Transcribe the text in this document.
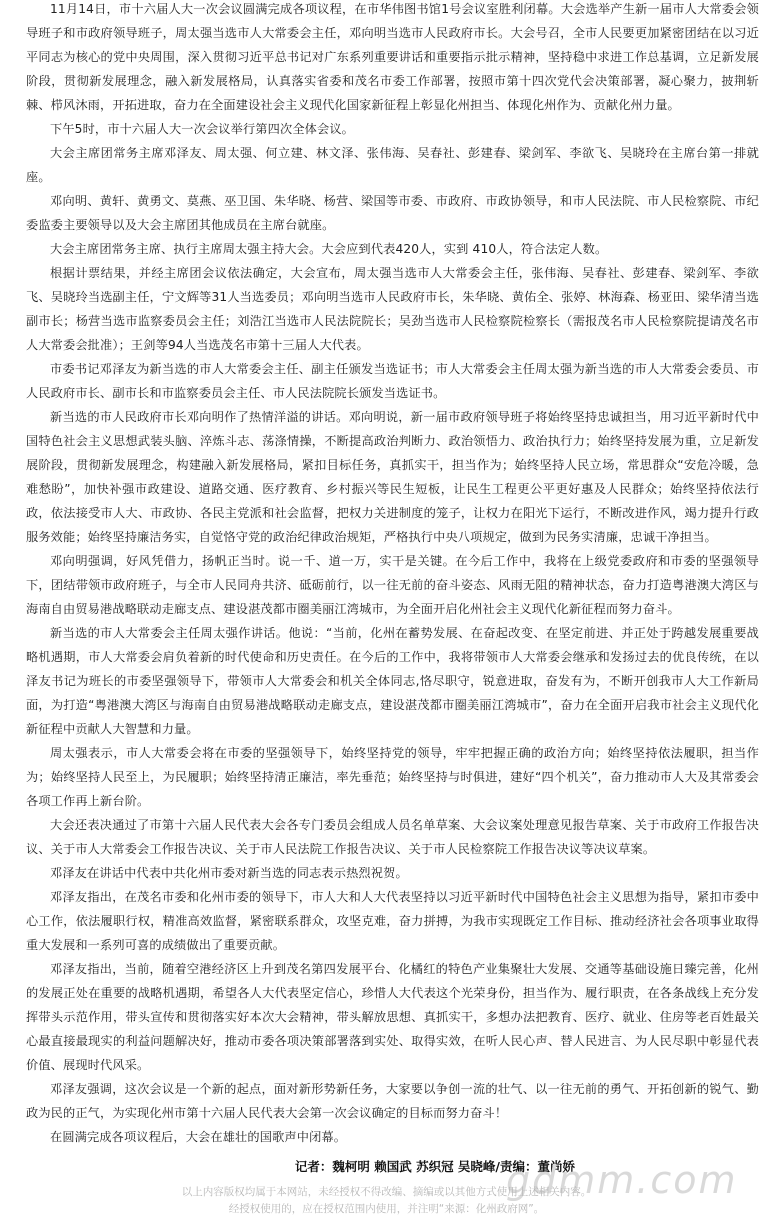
11月14日，市十六届人大一次会议圆满完成各项议程，在市华伟图书馆1号会议室胜利闭幕。大会选举产生新一届市人大常委会领导班子和市政府领导班子，周太强当选市人大常委会主任，邓向明当选市人民政府市长。大会号召，全市人民要更加紧密团结在以习近平同志为核心的党中央周围，深入贯彻习近平总书记对广东系列重要讲话和重要指示批示精神，坚持稳中求进工作总基调，立足新发展阶段，贯彻新发展理念，融入新发展格局，认真落实省委和茂名市委工作部署，按照市第十四次党代会决策部署，凝心聚力，披荆斩棘、栉风沐雨，开拓进取，奋力在全面建设社会主义现代化国家新征程上彰显化州担当、体现化州作为、贡献化州力量。

下午5时，市十六届人大一次会议举行第四次全体会议。

大会主席团常务主席邓泽友、周太强、何立建、林文泽、张伟海、吴春社、彭建春、梁剑军、李欲飞、吴晓玲在主席台第一排就座。

邓向明、黄轩、黄勇文、莫燕、巫卫国、朱华晓、杨营、梁国等市委、市政府、市政协领导，和市人民法院、市人民检察院、市纪委监委主要领导以及大会主席团其他成员在主席台就座。

大会主席团常务主席、执行主席周太强主持大会。大会应到代表420人，实到 410人，符合法定人数。

根据计票结果，并经主席团会议依法确定，大会宣布，周太强当选市人大常委会主任，张伟海、吴春社、彭建春、梁剑军、李欲飞、吴晓玲当选副主任，宁文辉等31人当选委员；邓向明当选市人民政府市长，朱华晓、黄佑全、张婷、林海森、杨亚田、梁华清当选副市长；杨营当选市监察委员会主任；刘浩江当选市人民法院院长；吴劲当选市人民检察院检察长（需报茂名市人民检察院提请茂名市人大常委会批准）；王剑等94人当选茂名市第十三届人大代表。

市委书记邓泽友为新当选的市人大常委会主任、副主任颁发当选证书；市人大常委会主任周太强为新当选的市人大常委会委员、市人民政府市长、副市长和市监察委员会主任、市人民法院院长颁发当选证书。

新当选的市人民政府市长邓向明作了热情洋溢的讲话。邓向明说，新一届市政府领导班子将始终坚持忠诚担当，用习近平新时代中国特色社会主义思想武装头脑、淬炼斗志、荡涤情操，不断提高政治判断力、政治领悟力、政治执行力；始终坚持发展为重，立足新发展阶段，贯彻新发展理念，构建融入新发展格局，紧扣目标任务，真抓实干，担当作为；始终坚持人民立场，常思群众“安危冷暖，急难愁盼”，加快补强市政建设、道路交通、医疗教育、乡村振兴等民生短板，让民生工程更公平更好惠及人民群众；始终坚持依法行政，依法接受市人大、市政协、各民主党派和社会监督，把权力关进制度的笼子，让权力在阳光下运行，不断改进作风，竭力提升行政服务效能；始终坚持廉洁务实，自觉恪守党的政治纪律政治规矩，严格执行中央八项规定，做到为民务实清廉，忠诚干净担当。

邓向明强调，好风凭借力，扬帆正当时。说一千、道一万，实干是关键。在今后工作中，我将在上级党委政府和市委的坚强领导下，团结带领市政府班子，与全市人民同舟共济、砥砺前行，以一往无前的奋斗姿态、风雨无阻的精神状态，奋力打造粤港澳大湾区与海南自由贸易港战略联动走廊支点、建设湛茂都市圈美丽江湾城市，为全面开启化州社会主义现代化新征程而努力奋斗。

新当选的市人大常委会主任周太强作讲话。他说：“当前，化州在蓄势发展、在奋起改变、在坚定前进、并正处于跨越发展重要战略机遇期，市人大常委会肩负着新的时代使命和历史责任。在今后的工作中，我将带领市人大常委会继承和发扬过去的优良传统，在以泽友书记为班长的市委坚强领导下，带领市人大常委会和机关全体同志,恪尽职守，锐意进取，奋发有为，不断开创我市人大工作新局面，为打造“粤港澳大湾区与海南自由贸易港战略联动走廊支点，建设湛茂都市圈美丽江湾城市”，奋力在全面开启我市社会主义现代化新征程中贡献人大智慧和力量。

周太强表示，市人大常委会将在市委的坚强领导下，始终坚持党的领导，牢牢把握正确的政治方向；始终坚持依法履职，担当作为；始终坚持人民至上，为民履职；始终坚持清正廉洁，率先垂范；始终坚持与时俱进，建好“四个机关”，奋力推动市人大及其常委会各项工作再上新台阶。

大会还表决通过了市第十六届人民代表大会各专门委员会组成人员名单草案、大会议案处理意见报告草案、关于市政府工作报告决议、关于市人大常委会工作报告决议、关于市人民法院工作报告决议、关于市人民检察院工作报告决议等决议草案。

邓泽友在讲话中代表中共化州市委对新当选的同志表示热烈祝贺。

邓泽友指出，在茂名市委和化州市委的领导下，市人大和人大代表坚持以习近平新时代中国特色社会主义思想为指导，紧扣市委中心工作，依法履职行权，精准高效监督，紧密联系群众，攻坚克难，奋力拼搏，为我市实现既定工作目标、推动经济社会各项事业取得重大发展和一系列可喜的成绩做出了重要贡献。

邓泽友指出，当前，随着空港经济区上升到茂名第四发展平台、化橘红的特色产业集聚壮大发展、交通等基础设施日臻完善，化州的发展正处在重要的战略机遇期，希望各人大代表坚定信心，珍惜人大代表这个光荣身份，担当作为、履行职责，在各条战线上充分发挥带头示范作用，带头宣传和贯彻落实好本次大会精神，带头解放思想、真抓实干，多想办法把教育、医疗、就业、住房等老百姓最关心最直接最现实的利益问题解决好，推动市委各项决策部署落到实处、取得实效，在听人民心声、替人民进言、为人民尽职中彰显代表价值、展现时代风采。

邓泽友强调，这次会议是一个新的起点，面对新形势新任务，大家要以争创一流的壮气、以一往无前的勇气、开拓创新的锐气、勤政为民的正气，为实现化州市第十六届人民代表大会第一次会议确定的目标而努力奋斗！

在圆满完成各项议程后，大会在雄壮的国歌声中闭幕。

记者：魏柯明 赖国武 苏织冠 吴晓峰/责编：董尚娇
gdmm.com
以上内容版权均属于本网站，未经授权不得改编、摘编或以其他方式使用上述相关内容。
经授权使用的，应在授权范围内使用，并注明“来源：化州政府网”。
